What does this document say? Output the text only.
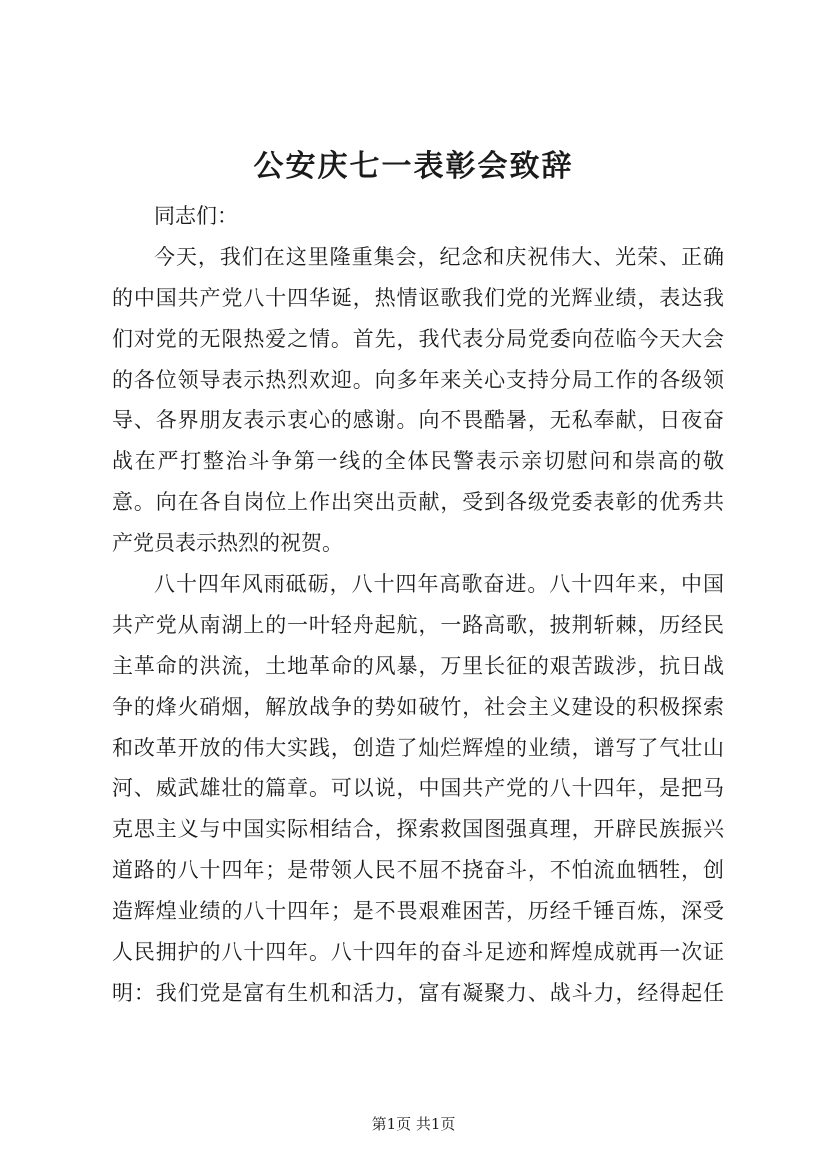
公安庆七一表彰会致辞
同志们：
今天，我们在这里隆重集会，纪念和庆祝伟大、光荣、正确
的中国共产党八十四华诞，热情讴歌我们党的光辉业绩，表达我
们对党的无限热爱之情。首先，我代表分局党委向莅临今天大会
的各位领导表示热烈欢迎。向多年来关心支持分局工作的各级领
导、各界朋友表示衷心的感谢。向不畏酷暑，无私奉献，日夜奋
战在严打整治斗争第一线的全体民警表示亲切慰问和崇高的敬
意。向在各自岗位上作出突出贡献，受到各级党委表彰的优秀共
产党员表示热烈的祝贺。
八十四年风雨砥砺，八十四年高歌奋进。八十四年来，中国
共产党从南湖上的一叶轻舟起航，一路高歌，披荆斩棘，历经民
主革命的洪流，土地革命的风暴，万里长征的艰苦跋涉，抗日战
争的烽火硝烟，解放战争的势如破竹，社会主义建设的积极探索
和改革开放的伟大实践，创造了灿烂辉煌的业绩，谱写了气壮山
河、威武雄壮的篇章。可以说，中国共产党的八十四年，是把马
克思主义与中国实际相结合，探索救国图强真理，开辟民族振兴
道路的八十四年；是带领人民不屈不挠奋斗，不怕流血牺牲，创
造辉煌业绩的八十四年；是不畏艰难困苦，历经千锤百炼，深受
人民拥护的八十四年。八十四年的奋斗足迹和辉煌成就再一次证
明：我们党是富有生机和活力，富有凝聚力、战斗力，经得起任
第1页 共1页
